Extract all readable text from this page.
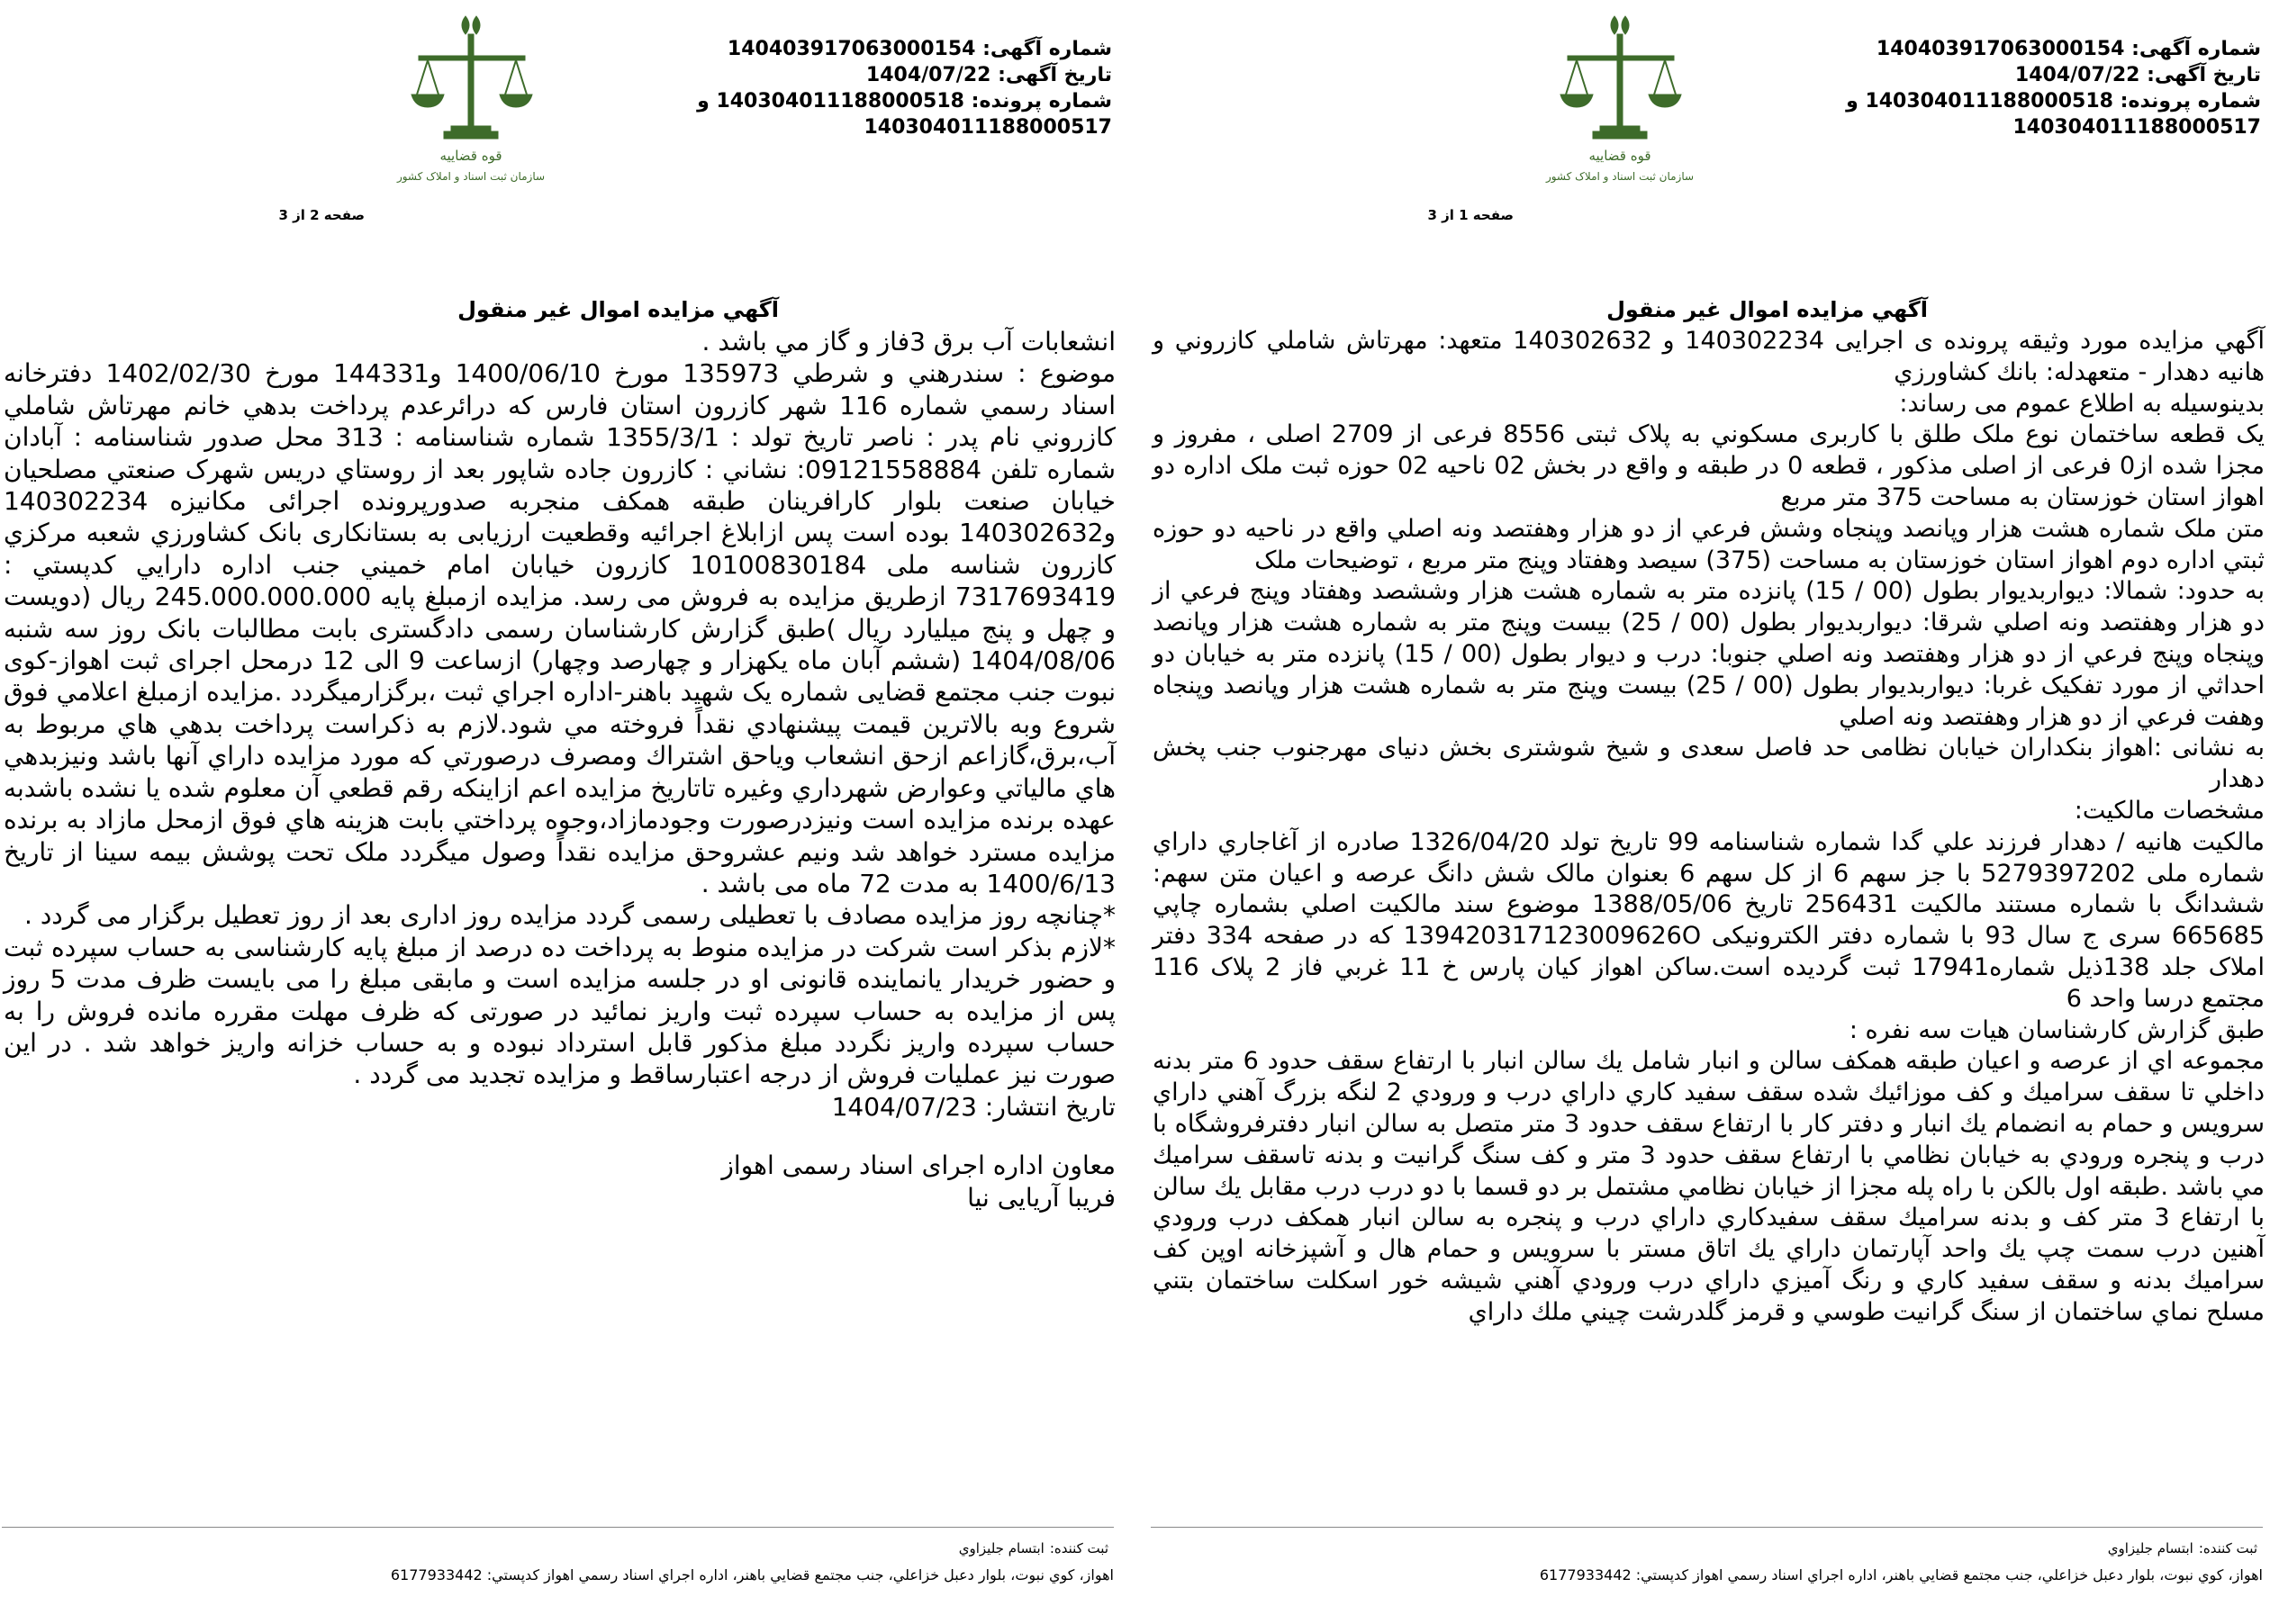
قوه قضاییه
سازمان ثبت اسناد و املاک کشور
شماره آگهی: 140403917063000154
تاریخ آگهی: 1404/07/22
شماره پرونده: 140304011188000518 و
140304011188000517
صفحه 2 از 3
آگهي مزايده اموال غير منقول

انشعابات آب برق 3فاز و گاز مي باشد .

موضوع : سندرهني و شرطي 135973 مورخ 1400/06/10 و144331 مورخ 1402/02/30 دفترخانه اسناد رسمي شماره 116 شهر کازرون استان فارس که درائرعدم پرداخت بدهي خانم مهرتاش شاملي کازروني نام پدر : ناصر تاريخ تولد : 1355/3/1 شماره شناسنامه : 313 محل صدور شناسنامه : آبادان شماره تلفن 09121558884: نشاني : کازرون جاده شاپور بعد از روستاي دريس شهرک صنعتي مصلحيان خيابان صنعت بلوار کارافرينان طبقه همکف منجربه صدورپرونده اجرائی مکانیزه 140302234 و140302632 بوده است پس ازابلاغ اجرائيه وقطعيت ارزيابی به بستانکاری بانک کشاورزي شعبه مرکزي کازرون شناسه ملی 10100830184 کازرون خيابان امام خميني جنب اداره دارايي کدپستي : 7317693419 ازطريق مزايده به فروش می رسد. مزايده ازمبلغ پايه 245.000.000.000 ريال (دويست و چهل و پنج ميليارد ريال )طبق گزارش کارشناسان رسمی دادگستری بابت مطالبات بانک روز سه شنبه 1404/08/06 (ششم آبان ماه يکهزار و چهارصد وچهار) ازساعت 9 الی 12 درمحل اجرای ثبت اهواز-کوی نبوت جنب مجتمع قضايی شماره يک شهيد باهنر-اداره اجراي ثبت ،برگزارميگردد .مزايده ازمبلغ اعلامي فوق شروع وبه بالاترين قيمت پيشنهادي نقداً فروخته مي شود.لازم به ذکراست پرداخت بدهي هاي مربوط به آب،برق،گازاعم ازحق انشعاب وياحق اشتراك ومصرف درصورتي که مورد مزايده داراي آنها باشد ونيزبدهي هاي مالياتي وعوارض شهرداري وغيره تاتاريخ مزايده اعم ازاينکه رقم قطعي آن معلوم شده يا نشده باشدبه عهده برنده مزايده است ونيزدرصورت وجودمازاد،وجوه پرداختي بابت هزينه هاي فوق ازمحل مازاد به برنده مزايده مسترد خواهد شد ونيم عشروحق مزايده نقداً وصول ميگردد ملک تحت پوشش بيمه سينا از تاريخ 1400/6/13 به مدت 72 ماه می باشد .

*چنانچه روز مزايده مصادف با تعطيلی رسمی گردد مزايده روز اداری بعد از روز تعطيل برگزار می گردد .

*لازم بذکر است شرکت در مزايده منوط به پرداخت ده درصد از مبلغ پايه کارشناسی به حساب سپرده ثبت و حضور خريدار يانماينده قانونی او در جلسه مزايده است و مابقی مبلغ را می بايست ظرف مدت 5 روز پس از مزايده به حساب سپرده ثبت واريز نمائيد در صورتی که ظرف مهلت مقرره مانده فروش را به حساب سپرده واريز نگردد مبلغ مذکور قابل استرداد نبوده و به حساب خزانه واريز خواهد شد . در اين صورت نيز عمليات فروش از درجه اعتبارساقط و مزايده تجديد می گردد .

تاريخ انتشار: 1404/07/23

معاون اداره اجرای اسناد رسمی اهواز

فريبا آريايی نيا

ثبت کننده:ابتسام جليزاوي
اهواز، کوي نبوت، بلوار دعبل خزاعلي، جنب مجتمع قضايي باهنر، اداره اجراي اسناد رسمي اهواز کدپستي: 6177933442
قوه قضاییه
سازمان ثبت اسناد و املاک کشور
شماره آگهی: 140403917063000154
تاریخ آگهی: 1404/07/22
شماره پرونده: 140304011188000518 و
140304011188000517
صفحه 1 از 3
آگهي مزايده اموال غير منقول

آگهي مزايده مورد وثيقه پرونده ی اجرايی 140302234 و 140302632 متعهد: مهرتاش شاملي کازروني و هانيه دهدار - متعهدله: بانك کشاورزي

بدينوسيله به اطلاع عموم می رساند:

يک قطعه ساختمان نوع ملک طلق با کاربری مسکوني به پلاک ثبتی 8556 فرعی از 2709 اصلی ، مفروز و مجزا شده از0 فرعی از اصلی مذکور ، قطعه 0 در طبقه و واقع در بخش 02 ناحیه 02 حوزه ثبت ملک اداره دو اهواز استان خوزستان به مساحت 375 متر مربع

متن ملک شماره هشت هزار وپانصد وپنجاه وشش فرعي از دو هزار وهفتصد ونه اصلي واقع در ناحيه دو حوزه ثبتي اداره دوم اهواز استان خوزستان به مساحت (375) سيصد وهفتاد وپنج متر مربع ، توضيحات ملک

به حدود: شمالا: ديواربديوار بطول (00 / 15) پانزده متر به شماره هشت هزار وششصد وهفتاد وپنج فرعي از دو هزار وهفتصد ونه اصلي شرقا: ديواربديوار بطول (00 / 25) بيست وپنج متر به شماره هشت هزار وپانصد وپنجاه وپنج فرعي از دو هزار وهفتصد ونه اصلي جنوبا: درب و ديوار بطول (00 / 15) پانزده متر به خيابان دو احداثي از مورد تفکيک غربا: ديواربديوار بطول (00 / 25) بيست وپنج متر به شماره هشت هزار وپانصد وپنجاه وهفت فرعي از دو هزار وهفتصد ونه اصلي

به نشانی :اهواز بنکداران خيابان نظامی حد فاصل سعدی و شيخ شوشتری بخش دنيای مهرجنوب جنب پخش دهدار

مشخصات مالکيت:

مالکيت هانيه / دهدار فرزند علي گدا شماره شناسنامه 99 تاريخ تولد 1326/04/20 صادره از آغاجاري داراي شماره ملی 5279397202 با جز سهم 6 از کل سهم 6 بعنوان مالک شش دانگ عرصه و اعيان متن سهم: ششدانگ با شماره مستند مالکيت 256431 تاريخ 1388/05/06 موضوع سند مالکيت اصلي بشماره چاپي 665685 سری ج سال 93 با شماره دفتر الکترونيکی 139420317123009626O که در صفحه 334 دفتر املاک جلد 138ذيل شماره17941 ثبت گرديده است.ساکن اهواز کيان پارس خ 11 غربي فاز 2 پلاک 116 مجتمع درسا واحد 6

طبق گزارش کارشناسان هيات سه نفره :

مجموعه اي از عرصه و اعيان طبقه همکف سالن و انبار شامل يك سالن انبار با ارتفاع سقف حدود 6 متر بدنه داخلي تا سقف سراميك و كف موزائيك شده سقف سفيد كاري داراي درب و ورودي 2 لنگه بزرگ آهني داراي سرويس و حمام به انضمام يك انبار و دفتر كار با ارتفاع سقف حدود 3 متر متصل به سالن انبار دفترفروشگاه با درب و پنجره ورودي به خيابان نظامي با ارتفاع سقف حدود 3 متر و كف سنگ گرانيت و بدنه تاسقف سراميك مي باشد .طبقه اول بالكن با راه پله مجزا از خيابان نظامي مشتمل بر دو قسما با دو درب درب مقابل يك سالن با ارتفاع 3 متر كف و بدنه سراميك سقف سفيدكاري داراي درب و پنجره به سالن انبار همكف درب ورودي آهنين درب سمت چپ يك واحد آپارتمان داراي يك اتاق مستر با سرويس و حمام هال و آشپزخانه اوپن كف سراميك بدنه و سقف سفيد كاري و رنگ آميزي داراي درب ورودي آهني شيشه خور اسكلت ساختمان بتني مسلح نماي ساختمان از سنگ گرانيت طوسي و قرمز گلدرشت چيني ملك داراي

ثبت کننده:ابتسام جليزاوي
اهواز، کوي نبوت، بلوار دعبل خزاعلي، جنب مجتمع قضايي باهنر، اداره اجراي اسناد رسمي اهواز کدپستي: 6177933442
